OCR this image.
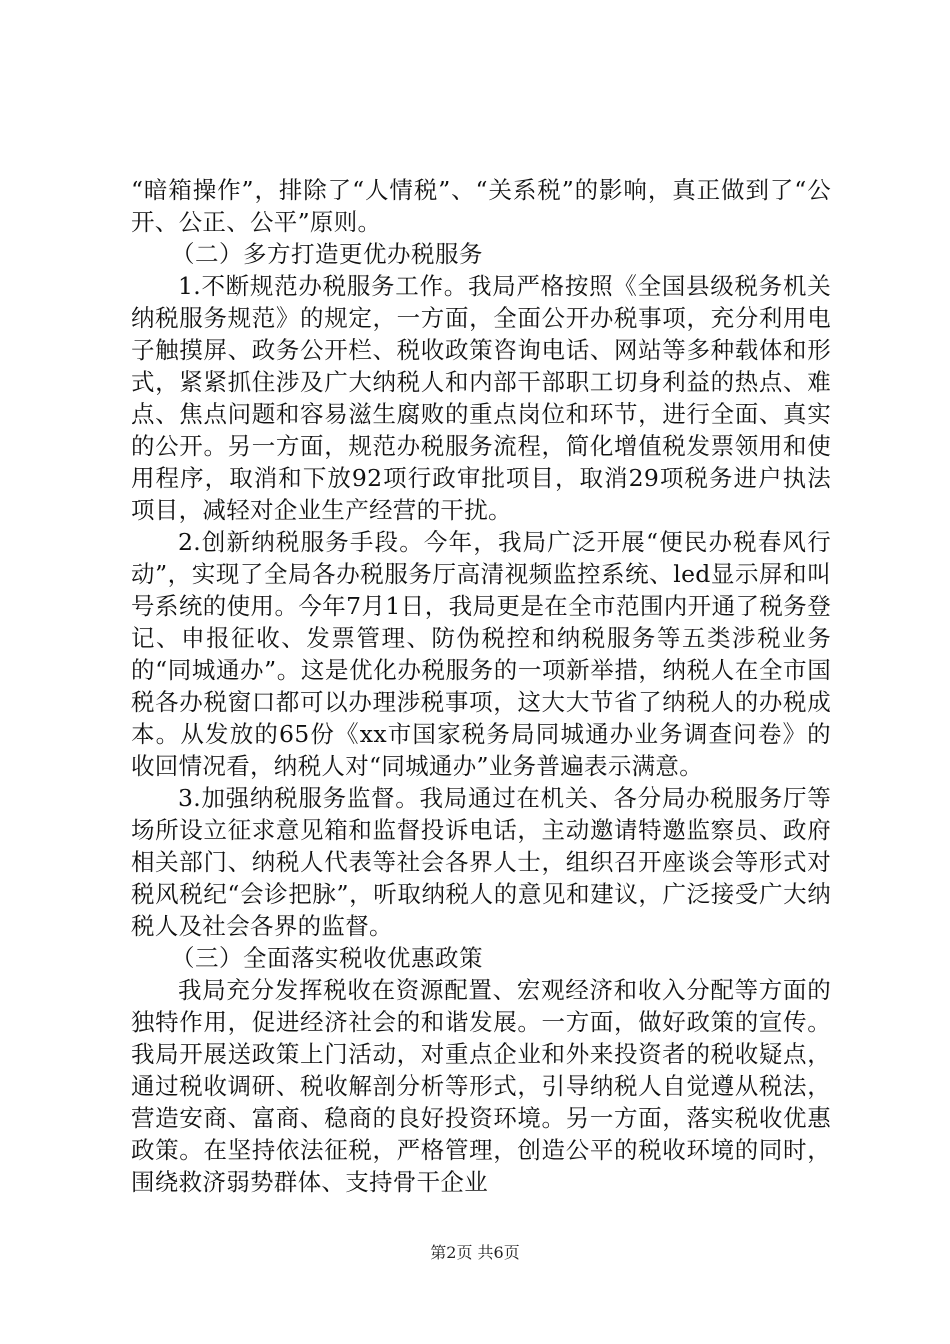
“暗箱操作”，排除了“人情税”、“关系税”的影响，真正做到了“公开、公正、公平”原则。

（二）多方打造更优办税服务

1.不断规范办税服务工作。我局严格按照《全国县级税务机关纳税服务规范》的规定，一方面，全面公开办税事项，充分利用电子触摸屏、政务公开栏、税收政策咨询电话、网站等多种载体和形式，紧紧抓住涉及广大纳税人和内部干部职工切身利益的热点、难点、焦点问题和容易滋生腐败的重点岗位和环节，进行全面、真实的公开。另一方面，规范办税服务流程，简化增值税发票领用和使用程序，取消和下放92项行政审批项目，取消29项税务进户执法项目，减轻对企业生产经营的干扰。

2.创新纳税服务手段。今年，我局广泛开展“便民办税春风行动”，实现了全局各办税服务厅高清视频监控系统、led显示屏和叫号系统的使用。今年7月1日，我局更是在全市范围内开通了税务登记、申报征收、发票管理、防伪税控和纳税服务等五类涉税业务的“同城通办”。这是优化办税服务的一项新举措，纳税人在全市国税各办税窗口都可以办理涉税事项，这大大节省了纳税人的办税成本。从发放的65份《xx市国家税务局同城通办业务调查问卷》的收回情况看，纳税人对“同城通办”业务普遍表示满意。

3.加强纳税服务监督。我局通过在机关、各分局办税服务厅等场所设立征求意见箱和监督投诉电话，主动邀请特邀监察员、政府相关部门、纳税人代表等社会各界人士，组织召开座谈会等形式对税风税纪“会诊把脉”，听取纳税人的意见和建议，广泛接受广大纳税人及社会各界的监督。

（三）全面落实税收优惠政策

我局充分发挥税收在资源配置、宏观经济和收入分配等方面的独特作用，促进经济社会的和谐发展。一方面，做好政策的宣传。我局开展送政策上门活动，对重点企业和外来投资者的税收疑点，通过税收调研、税收解剖分析等形式，引导纳税人自觉遵从税法，营造安商、富商、稳商的良好投资环境。另一方面，落实税收优惠政策。在坚持依法征税，严格管理，创造公平的税收环境的同时，围绕救济弱势群体、支持骨干企业

第2页 共6页
